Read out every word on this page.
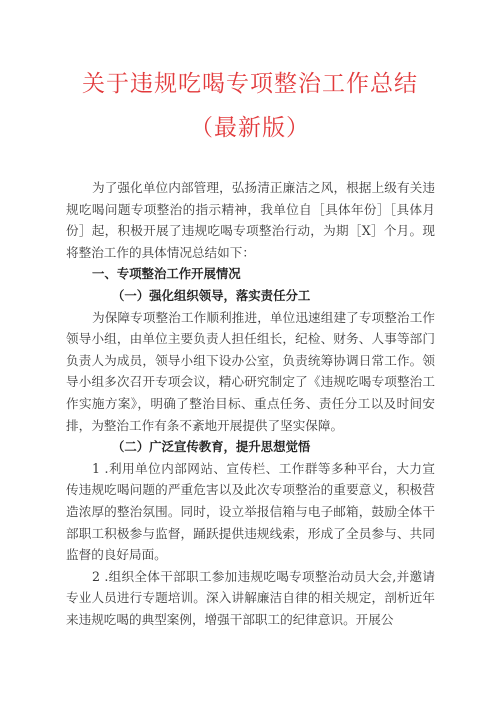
关于违规吃喝专项整治工作总结（最新版）

为了强化单位内部管理，弘扬清正廉洁之风，根据上级有关违规吃喝问题专项整治的指示精神，我单位自［具体年份］［具体月份］起，积极开展了违规吃喝专项整治行动，为期［X］个月。现将整治工作的具体情况总结如下：

一、专项整治工作开展情况

（一）强化组织领导，落实责任分工

为保障专项整治工作顺利推进，单位迅速组建了专项整治工作领导小组，由单位主要负责人担任组长，纪检、财务、人事等部门负责人为成员，领导小组下设办公室，负责统筹协调日常工作。领导小组多次召开专项会议，精心研究制定了《违规吃喝专项整治工作实施方案》，明确了整治目标、重点任务、责任分工以及时间安排，为整治工作有条不紊地开展提供了坚实保障。

（二）广泛宣传教育，提升思想觉悟

1 .利用单位内部网站、宣传栏、工作群等多种平台，大力宣传违规吃喝问题的严重危害以及此次专项整治的重要意义，积极营造浓厚的整治氛围。同时，设立举报信箱与电子邮箱，鼓励全体干部职工积极参与监督，踊跃提供违规线索，形成了全员参与、共同监督的良好局面。

2 .组织全体干部职工参加违规吃喝专项整治动员大会,并邀请专业人员进行专题培训。深入讲解廉洁自律的相关规定，剖析近年来违规吃喝的典型案例，增强干部职工的纪律意识。开展公
